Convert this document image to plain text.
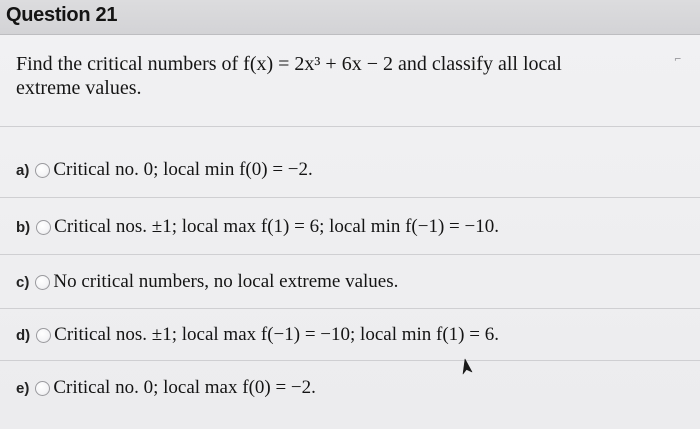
Question 21
⌐
Find the critical numbers of f(x) = 2x³ + 6x − 2 and classify all local
extreme values.
a) Critical no. 0; local min f(0) = −2.
b) Critical nos. ±1; local max f(1) = 6; local min f(−1) = −10.
c) No critical numbers, no local extreme values.
d) Critical nos. ±1; local max f(−1) = −10; local min f(1) = 6.
e) Critical no. 0; local max f(0) = −2.
